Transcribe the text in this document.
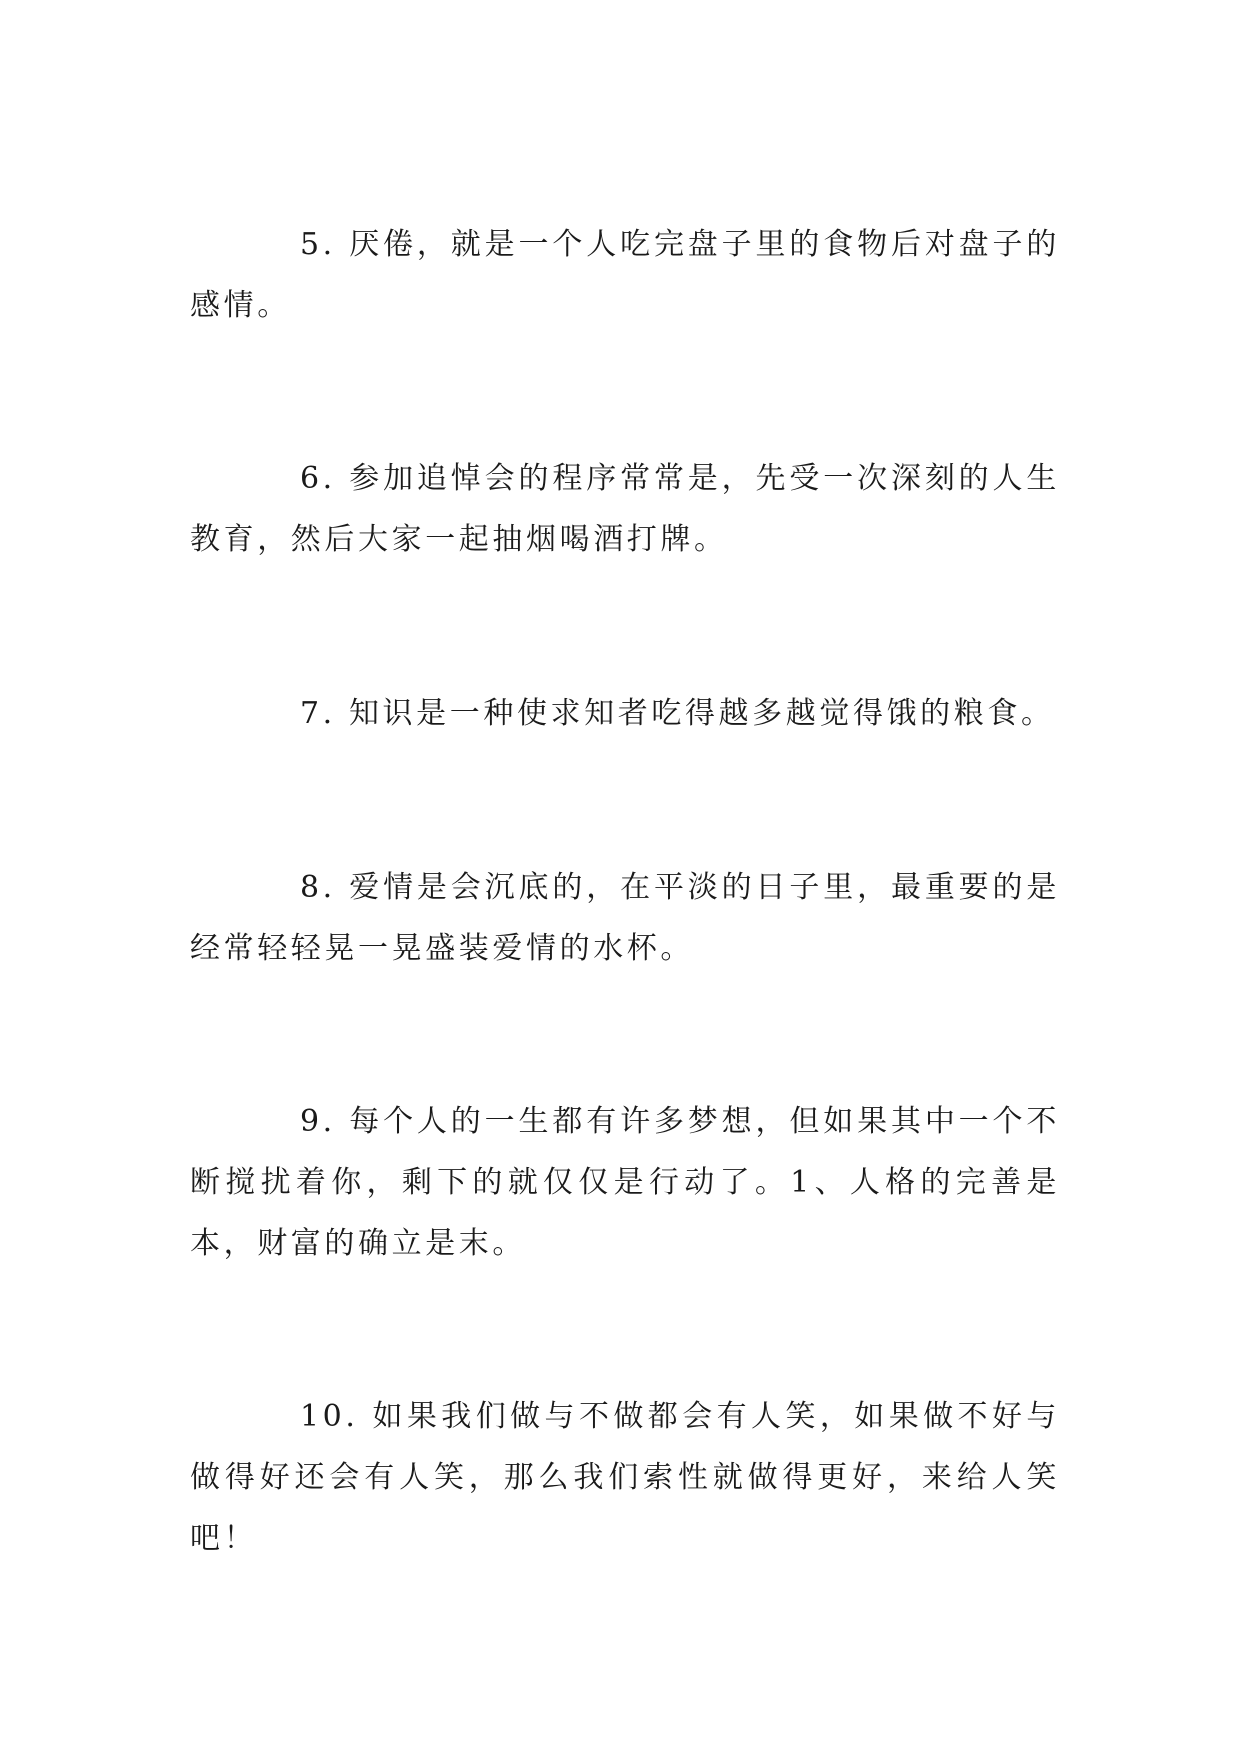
5. 厌倦，就是一个人吃完盘子里的食物后对盘子的感情。

6. 参加追悼会的程序常常是，先受一次深刻的人生教育，然后大家一起抽烟喝酒打牌。

7. 知识是一种使求知者吃得越多越觉得饿的粮食。

8. 爱情是会沉底的，在平淡的日子里，最重要的是经常轻轻晃一晃盛装爱情的水杯。

9. 每个人的一生都有许多梦想，但如果其中一个不断搅扰着你，剩下的就仅仅是行动了。1、人格的完善是本，财富的确立是末。

10. 如果我们做与不做都会有人笑，如果做不好与做得好还会有人笑，那么我们索性就做得更好，来给人笑吧！
